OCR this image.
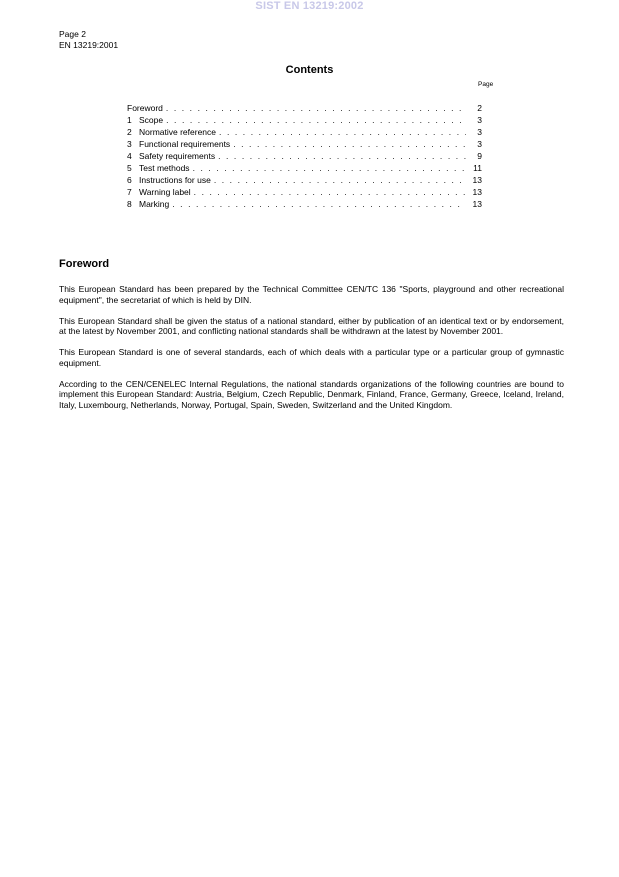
SIST EN 13219:2002
Page 2
EN 13219:2001
Contents
Page
Foreword . . .	2
1 Scope . . .	3
2 Normative reference . . .	3
3 Functional requirements . . .	3
4 Safety requirements . . .	9
5 Test methods . . .	11
6 Instructions for use . . .	13
7 Warning label . . .	13
8 Marking . . .	13
Foreword

This European Standard has been prepared by the Technical Committee CEN/TC 136 "Sports, playground and other recreational equipment", the secretariat of which is held by DIN.

This European Standard shall be given the status of a national standard, either by publication of an identical text or by endorsement, at the latest by November 2001, and conflicting national standards shall be withdrawn at the latest by November 2001.

This European Standard is one of several standards, each of which deals with a particular type or a particular group of gymnastic equipment.

According to the CEN/CENELEC Internal Regulations, the national standards organizations of the following countries are bound to implement this European Standard: Austria, Belgium, Czech Republic, Denmark, Finland, France, Germany, Greece, Iceland, Ireland, Italy, Luxembourg, Netherlands, Norway, Portugal, Spain, Sweden, Switzerland and the United Kingdom.
